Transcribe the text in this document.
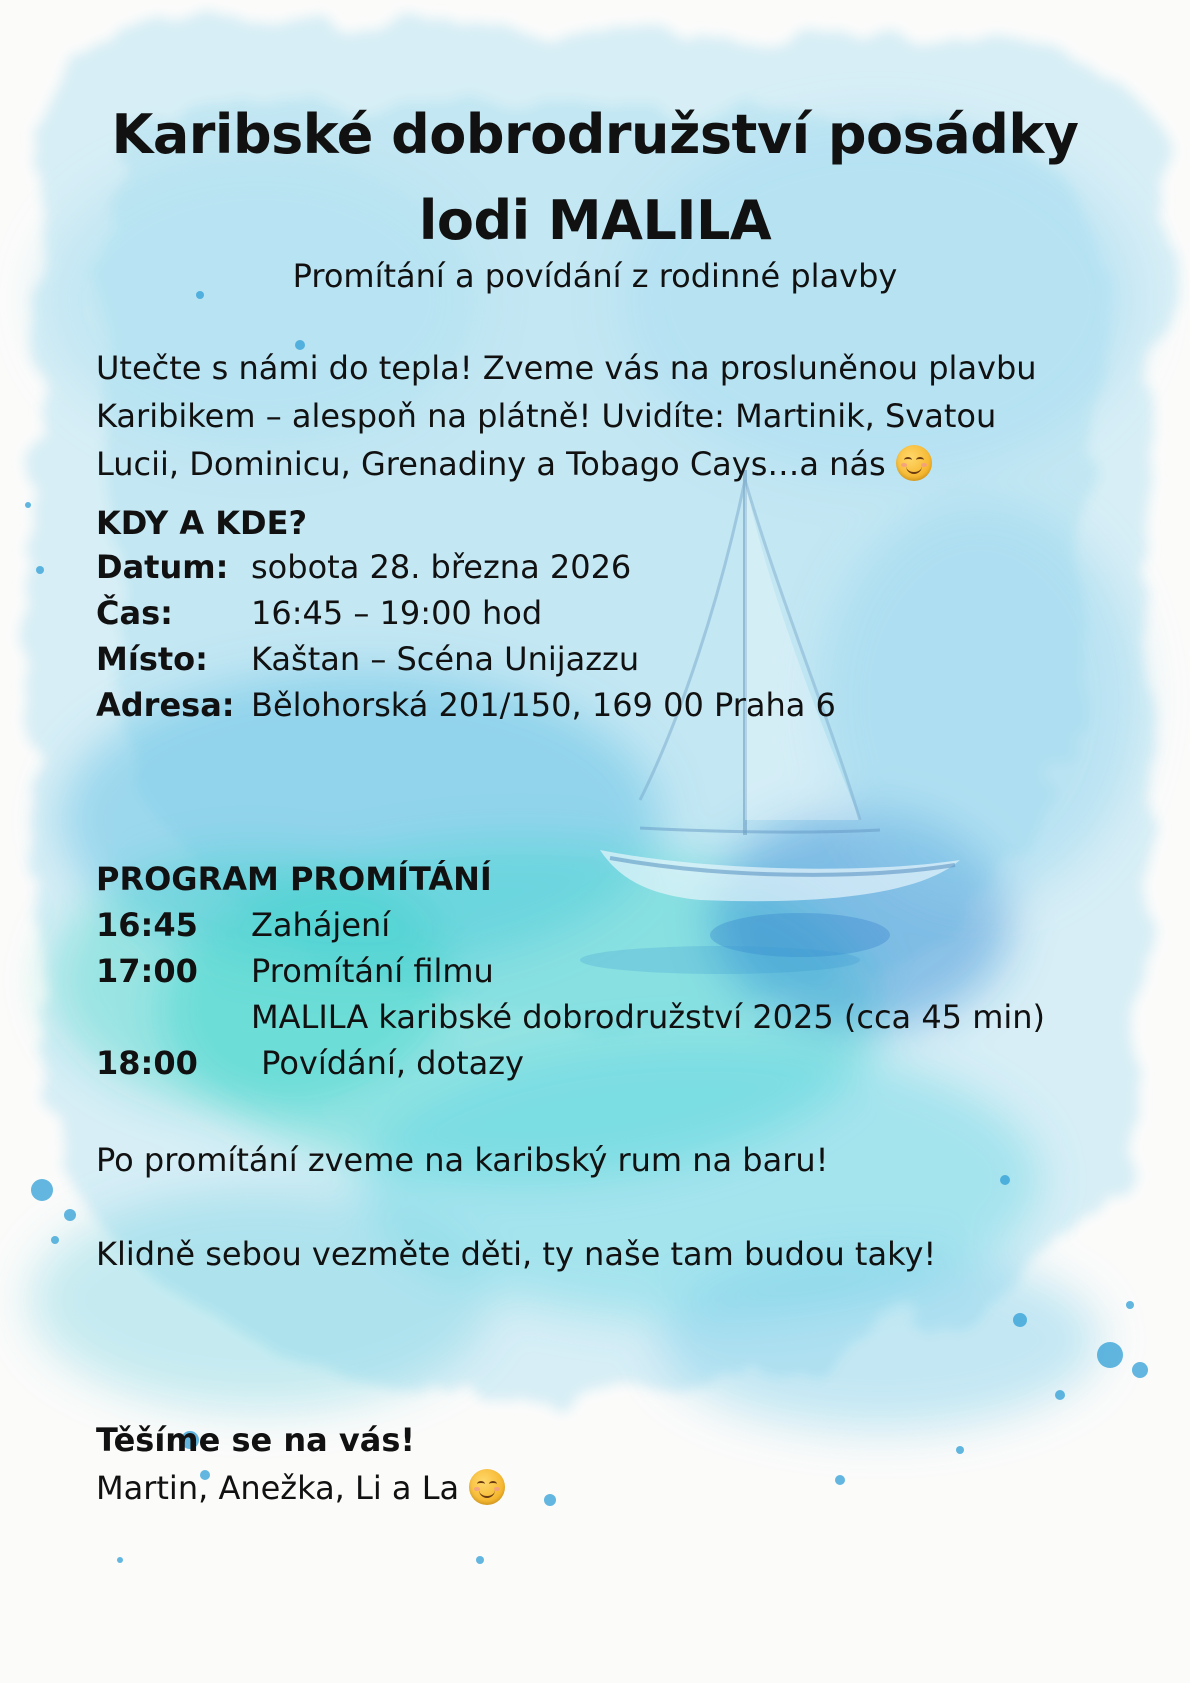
Karibské dobrodružství posádky
lodi MALILA
Promítání a povídání z rodinné plavby
Utečte s námi do tepla! Zveme vás na prosluněnou plavbu
Karibikem – alespoň na plátně! Uvidíte: Martinik, Svatou
Lucii, Dominicu, Grenadiny a Tobago Cays…a nás
KDY A KDE?
Datum: sobota 28. března 2026
Čas: 16:45 – 19:00 hod
Místo: Kaštan – Scéna Unijazzu
Adresa: Bělohorská 201/150, 169 00 Praha 6
PROGRAM PROMÍTÁNÍ
16:45 Zahájení
17:00 Promítání filmu
MALILA karibské dobrodružství 2025 (cca 45 min)
18:00 Povídání, dotazy
Po promítání zveme na karibský rum na baru!
Klidně sebou vezměte děti, ty naše tam budou taky!
Těšíme se na vás!
Martin, Anežka, Li a La
